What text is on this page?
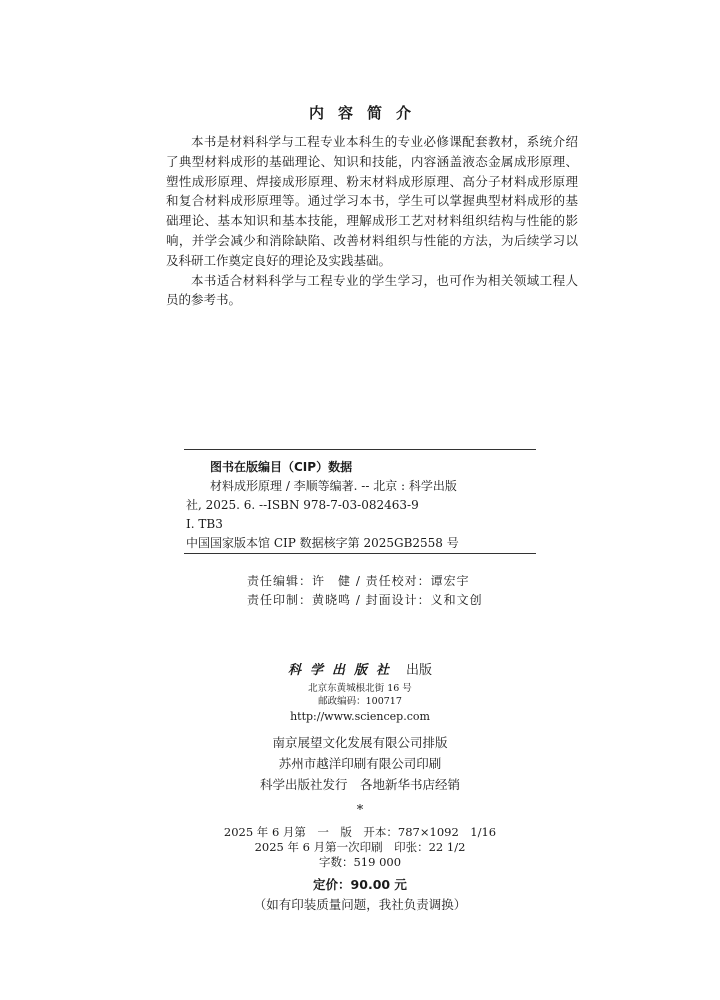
内容简介

本书是材料科学与工程专业本科生的专业必修课配套教材，系统介绍了典型材料成形的基础理论、知识和技能，内容涵盖液态金属成形原理、塑性成形原理、焊接成形原理、粉末材料成形原理、高分子材料成形原理和复合材料成形原理等。通过学习本书，学生可以掌握典型材料成形的基础理论、基本知识和基本技能，理解成形工艺对材料组织结构与性能的影响，并学会减少和消除缺陷、改善材料组织与性能的方法，为后续学习以及科研工作奠定良好的理论及实践基础。

本书适合材料科学与工程专业的学生学习，也可作为相关领域工程人员的参考书。

图书在版编目（CIP）数据
材料成形原理 / 李顺等编著. -- 北京 : 科学出版
社, 2025. 6. --ISBN 978-7-03-082463-9
Ⅰ. TB3
中国国家版本馆 CIP 数据核字第 2025GB2558 号
责任编辑：许　健 / 责任校对：谭宏宇
责任印制：黄晓鸣 / 封面设计：义和文创
科学出版社 出版
北京东黄城根北街 16 号
邮政编码：100717
http://www.sciencep.com
南京展望文化发展有限公司排版
苏州市越洋印刷有限公司印刷
科学出版社发行　各地新华书店经销
*
2025 年 6 月第　一　版　开本：787×1092　1/16
2025 年 6 月第一次印刷　印张：22 1/2
字数：519 000
定价：90.00 元
（如有印装质量问题，我社负责调换）
